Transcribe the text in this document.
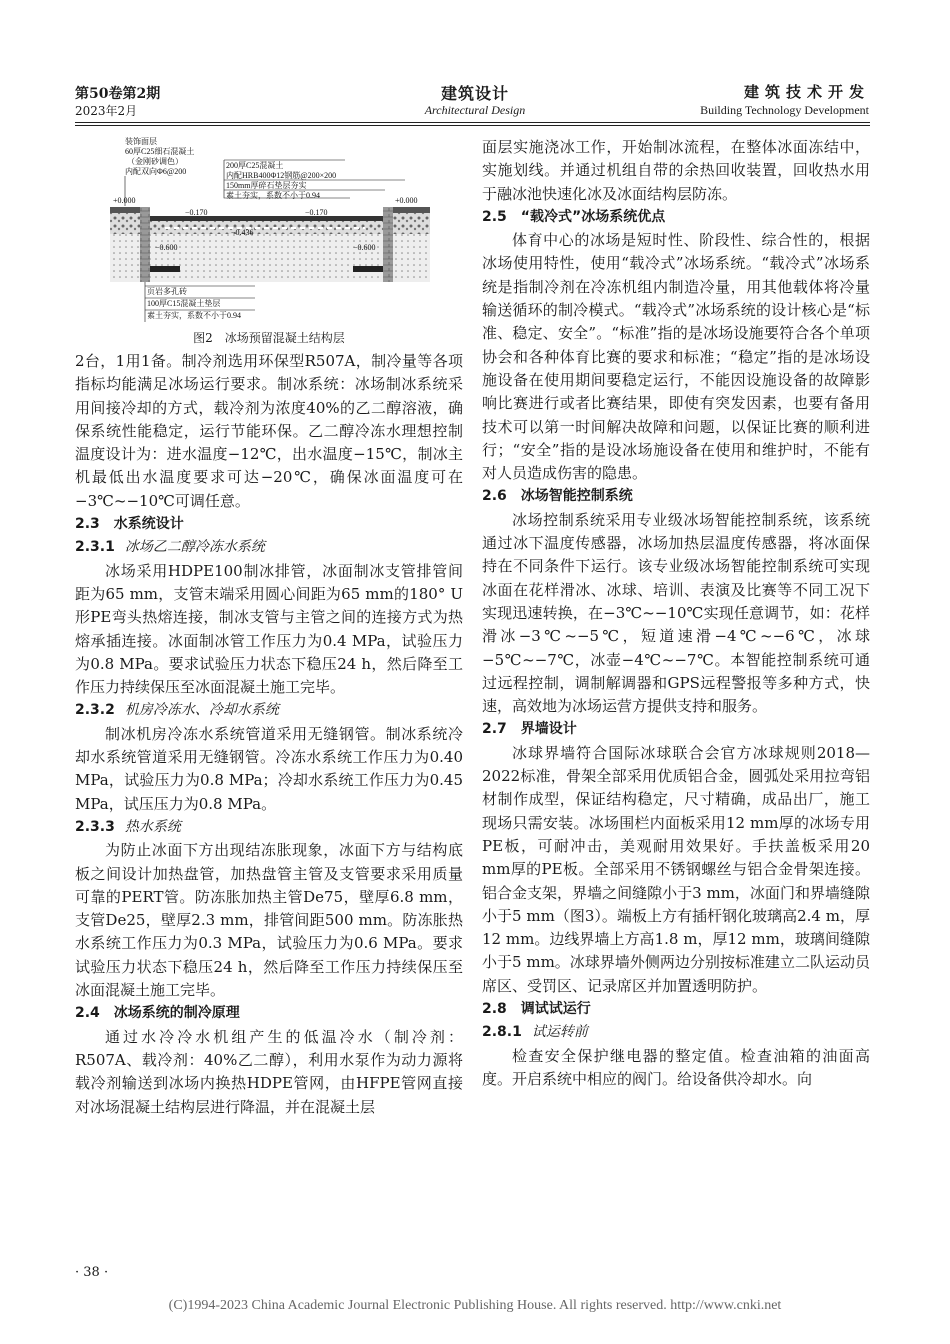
第50卷第2期
2023年2月
建筑设计
Architectural Design
建筑技术开发
Building Technology Development
装饰面层
60厚C25细石混凝土
（金刚砂调色）
内配双向Φ6@200
200厚C25混凝土
内配HRB400Φ12钢筋@200×200
150mm厚碎石垫层夯实
素土夯实，系数不小于0.94
+0.000	+0.000
−0.170	−0.170
−0.436
−0.600	−0.600
页岩多孔砖
100厚C15混凝土垫层
素土夯实，系数不小于0.94
图2　冰场预留混凝土结构层

2台，1用1备。制冷剂选用环保型R507A，制冷量等各项指标均能满足冰场运行要求。制冰系统：冰场制冰系统采用间接冷却的方式，载冷剂为浓度40%的乙二醇溶液，确保系统性能稳定，运行节能环保。乙二醇冷冻水理想控制温度设计为：进水温度−12℃，出水温度−15℃，制冰主机最低出水温度要求可达−20℃，确保冰面温度可在−3℃~−10℃可调任意。

2.3　水系统设计
2.3.1 冰场乙二醇冷冻水系统

冰场采用HDPE100制冰排管，冰面制冰支管排管间距为65 mm，支管末端采用圆心间距为65 mm的180° U形PE弯头热熔连接，制冰支管与主管之间的连接方式为热熔承插连接。冰面制冰管工作压力为0.4 MPa，试验压力为0.8 MPa。要求试验压力状态下稳压24 h，然后降至工作压力持续保压至冰面混凝土施工完毕。

2.3.2 机房冷冻水、冷却水系统

制冰机房冷冻水系统管道采用无缝钢管。制冰系统冷却水系统管道采用无缝钢管。冷冻水系统工作压力为0.40 MPa，试验压力为0.8 MPa；冷却水系统工作压力为0.45 MPa，试压压力为0.8 MPa。

2.3.3 热水系统

为防止冰面下方出现结冻胀现象，冰面下方与结构底板之间设计加热盘管，加热盘管主管及支管要求采用质量可靠的PERT管。防冻胀加热主管De75，壁厚6.8 mm，支管De25，壁厚2.3 mm，排管间距500 mm。防冻胀热水系统工作压力为0.3 MPa，试验压力为0.6 MPa。要求试验压力状态下稳压24 h，然后降至工作压力持续保压至冰面混凝土施工完毕。

2.4　冰场系统的制冷原理

通过水冷冷水机组产生的低温冷水（制冷剂：R507A、载冷剂：40%乙二醇），利用水泵作为动力源将载冷剂输送到冰场内换热HDPE管网，由HFPE管网直接对冰场混凝土结构层进行降温，并在混凝土层

面层实施浇冰工作，开始制冰流程，在整体冰面冻结中，实施划线。并通过机组自带的余热回收装置，回收热水用于融冰池快速化冰及冰面结构层防冻。

2.5　“载冷式”冰场系统优点

体育中心的冰场是短时性、阶段性、综合性的，根据冰场使用特性，使用“载冷式”冰场系统。“载冷式”冰场系统是指制冷剂在冷冻机组内制造冷量，用其他载体将冷量输送循环的制冷模式。“载冷式”冰场系统的设计核心是“标准、稳定、安全”。“标准”指的是冰场设施要符合各个单项协会和各种体育比赛的要求和标准；“稳定”指的是冰场设施设备在使用期间要稳定运行，不能因设施设备的故障影响比赛进行或者比赛结果，即使有突发因素，也要有备用技术可以第一时间解决故障和问题，以保证比赛的顺利进行；“安全”指的是设冰场施设备在使用和维护时，不能有对人员造成伤害的隐患。

2.6　冰场智能控制系统

冰场控制系统采用专业级冰场智能控制系统，该系统通过冰下温度传感器，冰场加热层温度传感器，将冰面保持在不同条件下运行。该专业级冰场智能控制系统可实现冰面在花样滑冰、冰球、培训、表演及比赛等不同工况下实现迅速转换，在−3℃~−10℃实现任意调节，如：花样滑冰−3℃~−5℃，短道速滑−4℃~−6℃，冰球−5℃~−7℃，冰壶−4℃~−7℃。本智能控制系统可通过远程控制，调制解调器和GPS远程警报等多种方式，快速，高效地为冰场运营方提供支持和服务。

2.7　界墙设计

冰球界墙符合国际冰球联合会官方冰球规则2018—2022标准，骨架全部采用优质铝合金，圆弧处采用拉弯铝材制作成型，保证结构稳定，尺寸精确，成品出厂，施工现场只需安装。冰场围栏内面板采用12 mm厚的冰场专用PE板，可耐冲击，美观耐用效果好。手扶盖板采用20 mm厚的PE板。全部采用不锈钢螺丝与铝合金骨架连接。铝合金支架，界墙之间缝隙小于3 mm，冰面门和界墙缝隙小于5 mm（图3）。端板上方有插杆钢化玻璃高2.4 m，厚12 mm。边线界墙上方高1.8 m，厚12 mm，玻璃间缝隙小于5 mm。冰球界墙外侧两边分别按标准建立二队运动员席区、受罚区、记录席区并加置透明防护。

2.8　调试试运行
2.8.1 试运转前

检查安全保护继电器的整定值。检查油箱的油面高度。开启系统中相应的阀门。给设备供冷却水。向

· 38 ·
(C)1994-2023 China Academic Journal Electronic Publishing House. All rights reserved. http://www.cnki.net
